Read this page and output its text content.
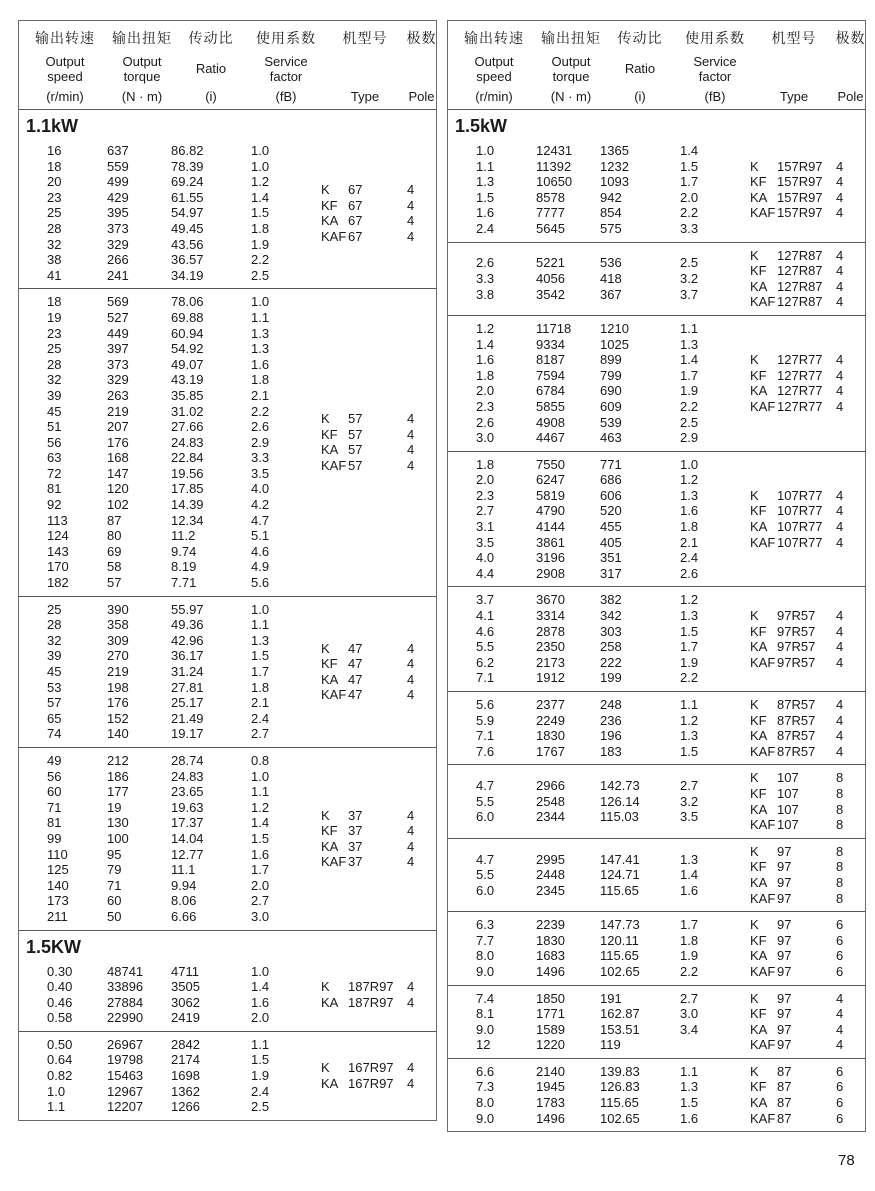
输出转速
Output
speed
(r/min)
输出扭矩
Output
torque
(N · m)
传动比
Ratio
(i)
使用系数
Service
factor
(fB)
机型号
Type
极数
Pole
1.1kW
16	637	86.82	1.0
18	559	78.39	1.0
20	499	69.24	1.2
23	429	61.55	1.4
25	395	54.97	1.5
28	373	49.45	1.8
32	329	43.56	1.9
38	266	36.57	2.2
41	241	34.19	2.5
K 67	4
KF 67	4
KA 67	4
KAF 67	4
18	569	78.06	1.0
19	527	69.88	1.1
23	449	60.94	1.3
25	397	54.92	1.3
28	373	49.07	1.6
32	329	43.19	1.8
39	263	35.85	2.1
45	219	31.02	2.2
51	207	27.66	2.6
56	176	24.83	2.9
63	168	22.84	3.3
72	147	19.56	3.5
81	120	17.85	4.0
92	102	14.39	4.2
113	87	12.34	4.7
124	80	11.2	5.1
143	69	9.74	4.6
170	58	8.19	4.9
182	57	7.71	5.6
K 57	4
KF 57	4
KA 57	4
KAF 57	4
25	390	55.97	1.0
28	358	49.36	1.1
32	309	42.96	1.3
39	270	36.17	1.5
45	219	31.24	1.7
53	198	27.81	1.8
57	176	25.17	2.1
65	152	21.49	2.4
74	140	19.17	2.7
K 47	4
KF 47	4
KA 47	4
KAF 47	4
49	212	28.74	0.8
56	186	24.83	1.0
60	177	23.65	1.1
71	19	19.63	1.2
81	130	17.37	1.4
99	100	14.04	1.5
110	95	12.77	1.6
125	79	11.1	1.7
140	71	9.94	2.0
173	60	8.06	2.7
211	50	6.66	3.0
K 37	4
KF 37	4
KA 37	4
KAF 37	4
1.5KW
0.30	48741	4711	1.0
0.40	33896	3505	1.4
0.46	27884	3062	1.6
0.58	22990	2419	2.0
K 187R97	4
KA 187R97	4
0.50	26967	2842	1.1
0.64	19798	2174	1.5
0.82	15463	1698	1.9
1.0	12967	1362	2.4
1.1	12207	1266	2.5
K 167R97	4
KA 167R97	4
输出转速
Output
speed
(r/min)
输出扭矩
Output
torque
(N · m)
传动比
Ratio
(i)
使用系数
Service
factor
(fB)
机型号
Type
极数
Pole
1.5kW
1.0	12431	1365	1.4
1.1	11392	1232	1.5
1.3	10650	1093	1.7
1.5	8578	942	2.0
1.6	7777	854	2.2
2.4	5645	575	3.3
K 157R97	4
KF 157R97	4
KA 157R97	4
KAF 157R97	4
2.6	5221	536	2.5
3.3	4056	418	3.2
3.8	3542	367	3.7
K 127R87	4
KF 127R87	4
KA 127R87	4
KAF 127R87	4
1.2	11718	1210	1.1
1.4	9334	1025	1.3
1.6	8187	899	1.4
1.8	7594	799	1.7
2.0	6784	690	1.9
2.3	5855	609	2.2
2.6	4908	539	2.5
3.0	4467	463	2.9
K 127R77	4
KF 127R77	4
KA 127R77	4
KAF 127R77	4
1.8	7550	771	1.0
2.0	6247	686	1.2
2.3	5819	606	1.3
2.7	4790	520	1.6
3.1	4144	455	1.8
3.5	3861	405	2.1
4.0	3196	351	2.4
4.4	2908	317	2.6
K 107R77	4
KF 107R77	4
KA 107R77	4
KAF 107R77	4
3.7	3670	382	1.2
4.1	3314	342	1.3
4.6	2878	303	1.5
5.5	2350	258	1.7
6.2	2173	222	1.9
7.1	1912	199	2.2
K 97R57	4
KF 97R57	4
KA 97R57	4
KAF 97R57	4
5.6	2377	248	1.1
5.9	2249	236	1.2
7.1	1830	196	1.3
7.6	1767	183	1.5
K 87R57	4
KF 87R57	4
KA 87R57	4
KAF 87R57	4
4.7	2966	142.73	2.7
5.5	2548	126.14	3.2
6.0	2344	115.03	3.5
K 107	8
KF 107	8
KA 107	8
KAF 107	8
4.7	2995	147.41	1.3
5.5	2448	124.71	1.4
6.0	2345	115.65	1.6
K 97	8
KF 97	8
KA 97	8
KAF 97	8
6.3	2239	147.73	1.7
7.7	1830	120.11	1.8
8.0	1683	115.65	1.9
9.0	1496	102.65	2.2
K 97	6
KF 97	6
KA 97	6
KAF 97	6
7.4	1850	191	2.7
8.1	1771	162.87	3.0
9.0	1589	153.51	3.4
12	1220	119
K 97	4
KF 97	4
KA 97	4
KAF 97	4
6.6	2140	139.83	1.1
7.3	1945	126.83	1.3
8.0	1783	115.65	1.5
9.0	1496	102.65	1.6
K 87	6
KF 87	6
KA 87	6
KAF 87	6
78
